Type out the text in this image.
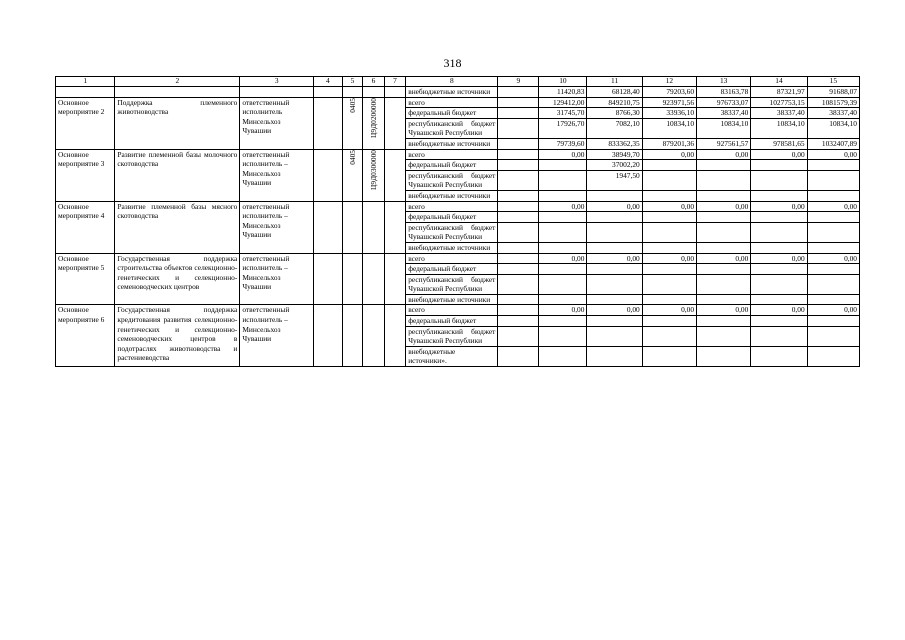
318
1	2	3	4	5	6	7	8	9	10	11	12	13	14	15
							внебюджетные источники		11420,83	68128,40	79203,60	83163,78	87321,97	91688,07
Основное мероприятие 2	Поддержка племенного животноводства	ответственный исполнитель Минсельхоз Чувашии		0405	Ц9Д0200000		всего		129412,00	849210,75	923971,56	976733,07	1027753,15	1081579,39
							федеральный бюджет		31745,70	8766,30	33936,10	38337,40	38337,40	38337,40
							республиканский бюджет Чувашской Республики		17926,70	7082,10	10834,10	10834,10	10834,10	10834,10
							внебюджетные источники		79739,60	833362,35	879201,36	927561,57	978581,65	1032407,89
Основное мероприятие 3	Развитие племенной базы молочного скотоводства	ответственный исполнитель – Минсельхоз Чувашии		0405	Ц9Д0300000		всего		0,00	38949,70	0,00	0,00	0,00	0,00
							федеральный бюджет			37002,20				
							республиканский бюджет Чувашской Республики			1947,50				
							внебюджетные источники							
Основное мероприятие 4	Развитие племенной базы мясного скотоводства	ответственный исполнитель – Минсельхоз Чувашии					всего		0,00	0,00	0,00	0,00	0,00	0,00
							федеральный бюджет							
							республиканский бюджет Чувашской Республики							
							внебюджетные источники							
Основное мероприятие 5	Государственная поддержка строительства объектов селекционно-генетических и селекционно-семеноводческих центров	ответственный исполнитель – Минсельхоз Чувашии					всего		0,00	0,00	0,00	0,00	0,00	0,00
							федеральный бюджет							
							республиканский бюджет Чувашской Республики							
							внебюджетные источники							
Основное мероприятие 6	Государственная поддержка кредитования развития селекционно-генетических и селекционно-семеноводческих центров в подотраслях животноводства и растениеводства	ответственный исполнитель – Минсельхоз Чувашии					всего		0,00	0,00	0,00	0,00	0,00	0,00
							федеральный бюджет							
							республиканский бюджет Чувашской Республики							
							внебюджетные источники».							
